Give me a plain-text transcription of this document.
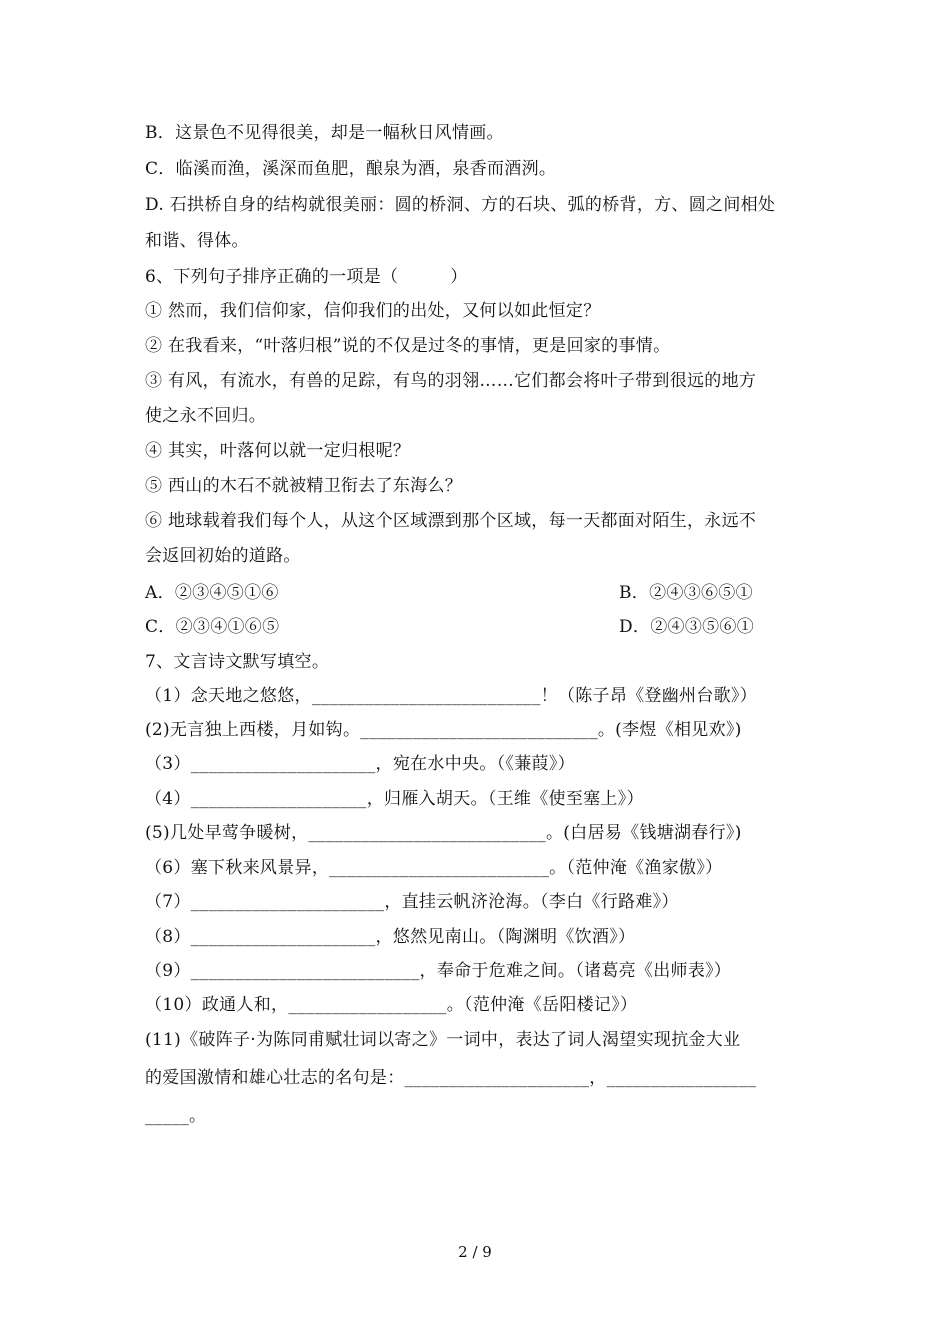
B．这景色不见得很美，却是一幅秋日风情画。
C．临溪而渔，溪深而鱼肥，酿泉为酒，泉香而酒洌。
D. 石拱桥自身的结构就很美丽：圆的桥洞、方的石块、弧的桥背，方、圆之间相处
和谐、得体。
6、下列句子排序正确的一项是（　　　）
① 然而，我们信仰家，信仰我们的出处，又何以如此恒定？
② 在我看来，“叶落归根”说的不仅是过冬的事情，更是回家的事情。
③ 有风，有流水，有兽的足踪，有鸟的羽翎……它们都会将叶子带到很远的地方
使之永不回归。
④ 其实，叶落何以就一定归根呢？
⑤ 西山的木石不就被精卫衔去了东海么？
⑥ 地球载着我们每个人，从这个区域漂到那个区域，每一天都面对陌生，永远不
会返回初始的道路。
A．②③④⑤①⑥	B．②④③⑥⑤①
C．②③④①⑥⑤	D．②④③⑤⑥①
7、文言诗文默写填空。
（1）念天地之悠悠，__________________________！（陈子昂《登幽州台歌》）
(2)无言独上西楼，月如钩。___________________________。(李煜《相见欢》)
（3）_____________________，宛在水中央。（《蒹葭》）
（4）____________________，归雁入胡天。（王维《使至塞上》）
(5)几处早莺争暖树，___________________________。(白居易《钱塘湖春行》)
（6）塞下秋来风景异，_________________________。（范仲淹《渔家傲》）
（7）______________________，直挂云帆济沧海。（李白《行路难》）
（8）_____________________，悠然见南山。（陶渊明《饮酒》）
（9）__________________________，奉命于危难之间。（诸葛亮《出师表》）
（10）政通人和，__________________。（范仲淹《岳阳楼记》）
(11)《破阵子·为陈同甫赋壮词以寄之》一词中，表达了词人渴望实现抗金大业
的爱国激情和雄心壮志的名句是：_____________________，_________________
_____。
2 / 9
